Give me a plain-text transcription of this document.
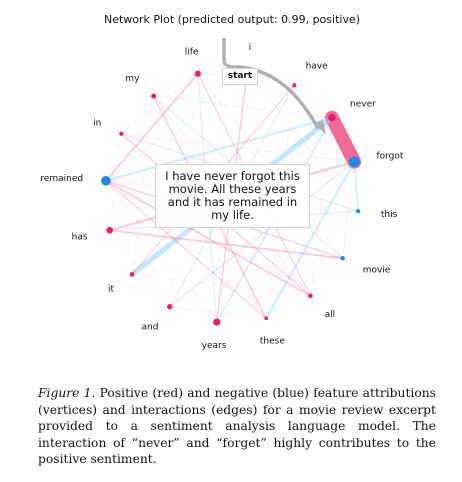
Network Plot (predicted output: 0.99, positive)
i
have
never
forgot
this
movie
all
these
years
and
it
has
remained
in
my
life
start
I have never forgot this movie. All these years and it has remained in my life.
Figure 1. Positive (red) and negative (blue) feature attributions (vertices) and interactions (edges) for a movie review excerpt provided to a sentiment analysis language model. The interaction of “never” and “forget” highly contributes to the positive sentiment.
